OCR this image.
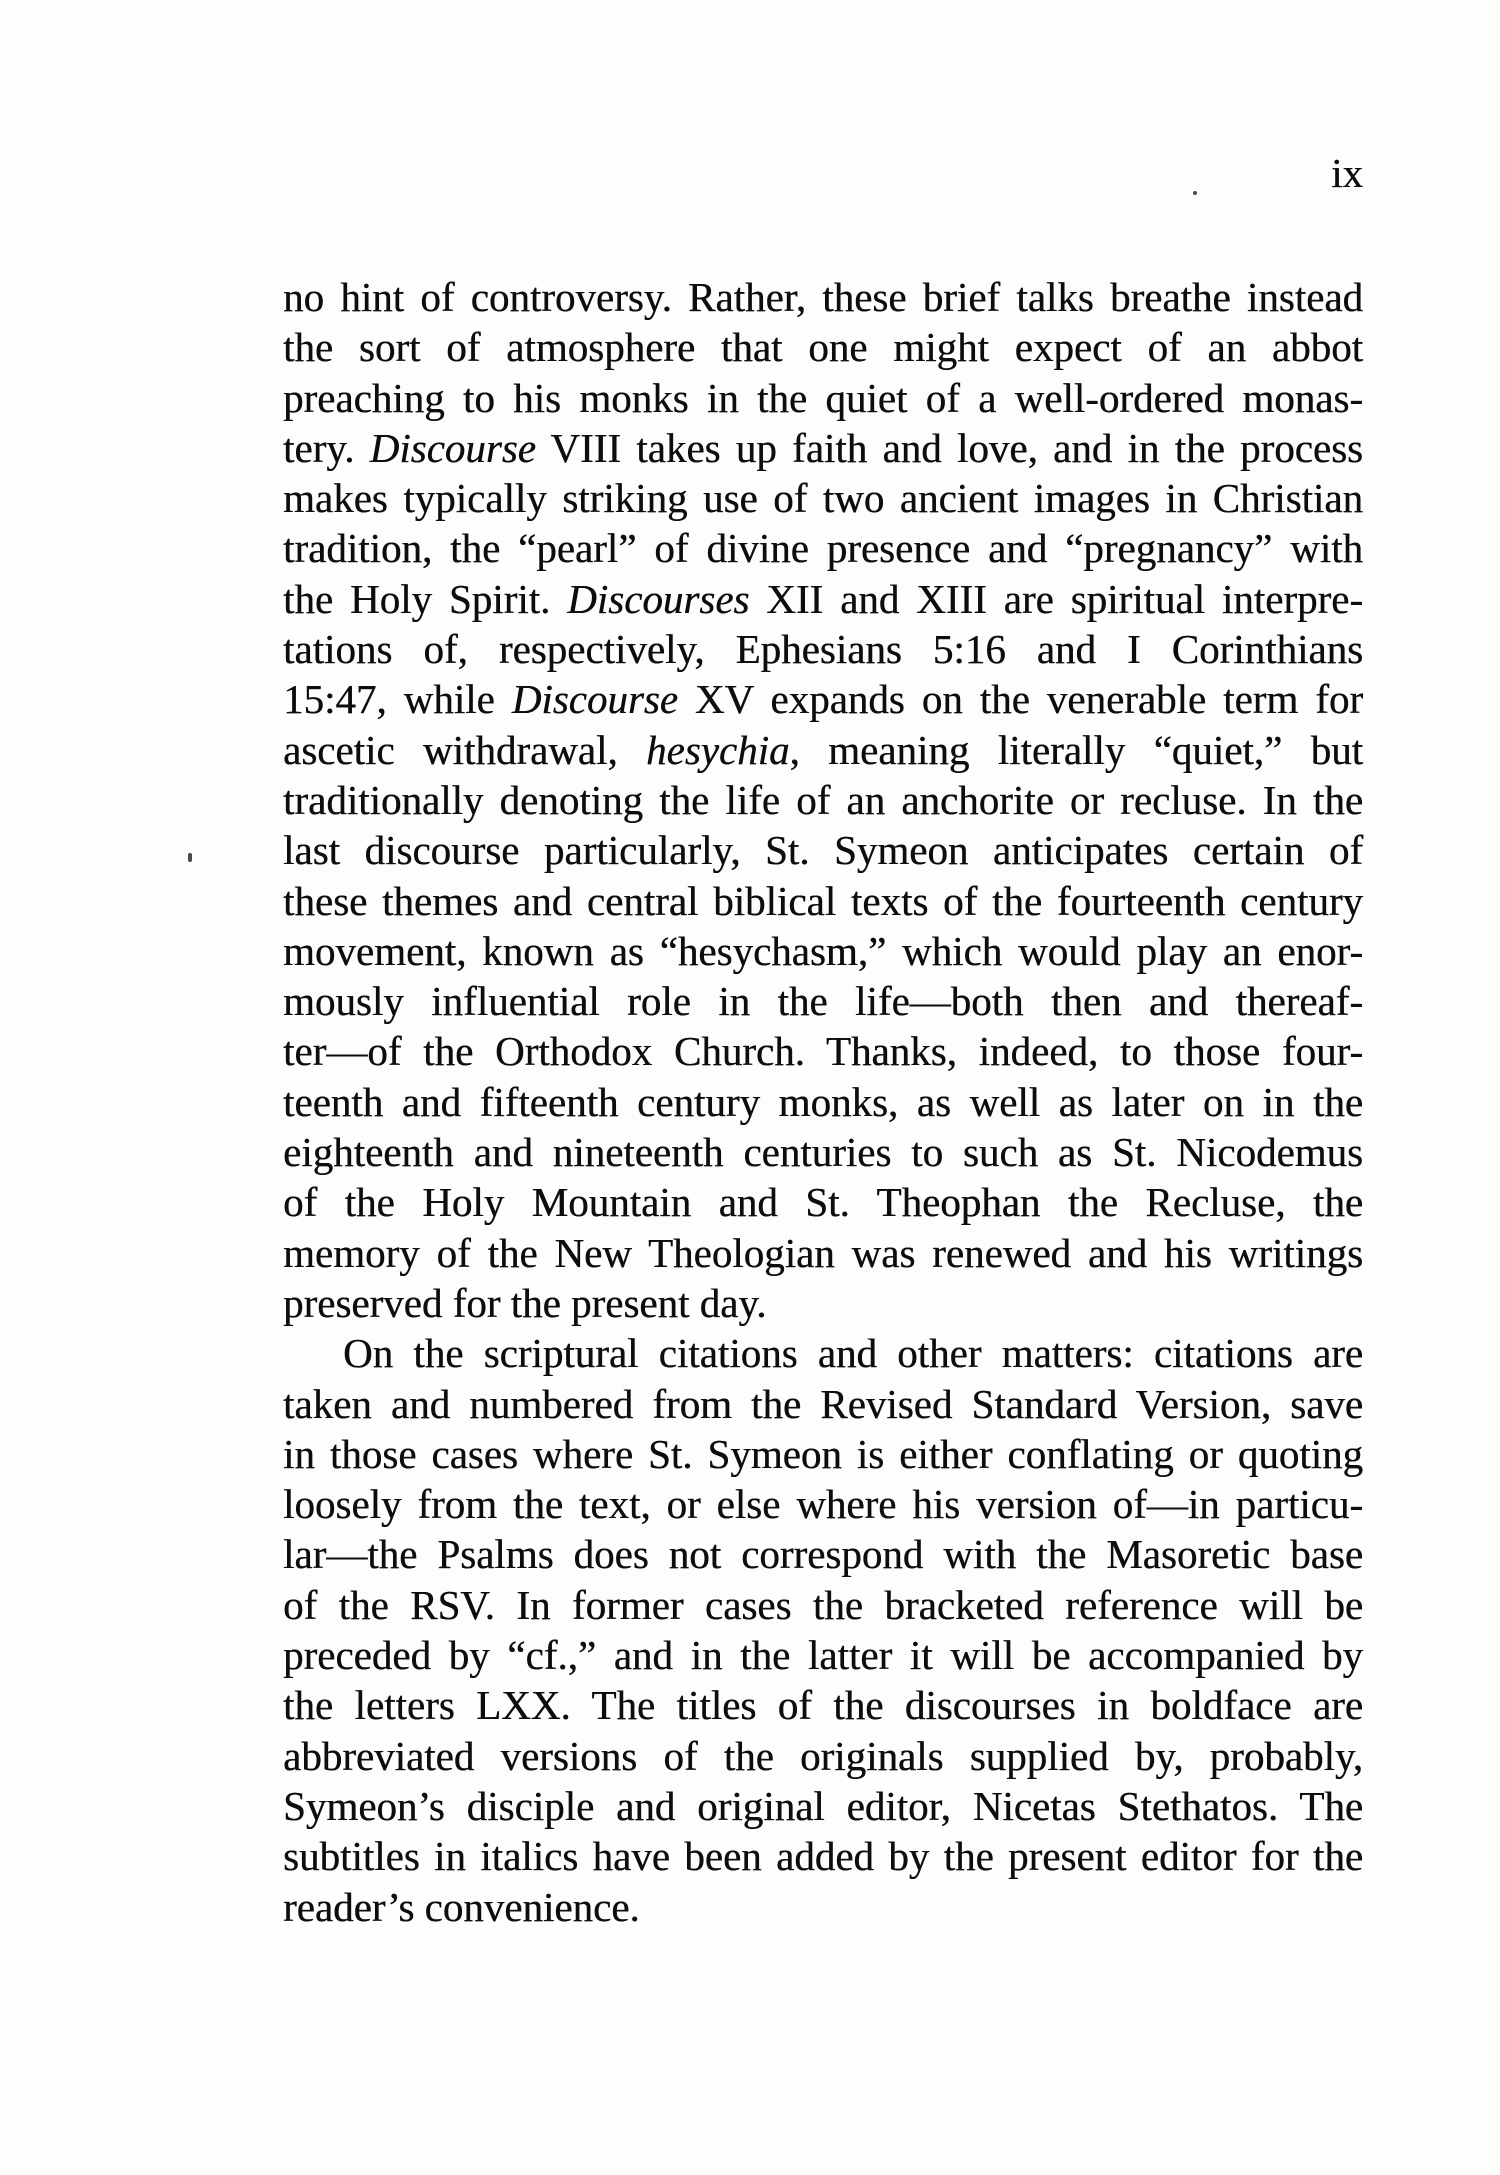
ix
no hint of controversy. Rather, these brief talks breathe instead
the sort of atmosphere that one might expect of an abbot
preaching to his monks in the quiet of a well-ordered monas-
tery. Discourse VIII takes up faith and love, and in the process
makes typically striking use of two ancient images in Christian
tradition, the “pearl” of divine presence and “pregnancy” with
the Holy Spirit. Discourses XII and XIII are spiritual interpre-
tations of, respectively, Ephesians 5:16 and I Corinthians
15:47, while Discourse XV expands on the venerable term for
ascetic withdrawal, hesychia, meaning literally “quiet,” but
traditionally denoting the life of an anchorite or recluse. In the
last discourse particularly, St. Symeon anticipates certain of
these themes and central biblical texts of the fourteenth century
movement, known as “hesychasm,” which would play an enor-
mously influential role in the life—both then and thereaf-
ter—of the Orthodox Church. Thanks, indeed, to those four-
teenth and fifteenth century monks, as well as later on in the
eighteenth and nineteenth centuries to such as St. Nicodemus
of the Holy Mountain and St. Theophan the Recluse, the
memory of the New Theologian was renewed and his writings
preserved for the present day.
On the scriptural citations and other matters: citations are
taken and numbered from the Revised Standard Version, save
in those cases where St. Symeon is either conflating or quoting
loosely from the text, or else where his version of—in particu-
lar—the Psalms does not correspond with the Masoretic base
of the RSV. In former cases the bracketed reference will be
preceded by “cf.,” and in the latter it will be accompanied by
the letters LXX. The titles of the discourses in boldface are
abbreviated versions of the originals supplied by, probably,
Symeon’s disciple and original editor, Nicetas Stethatos. The
subtitles in italics have been added by the present editor for the
reader’s convenience.
